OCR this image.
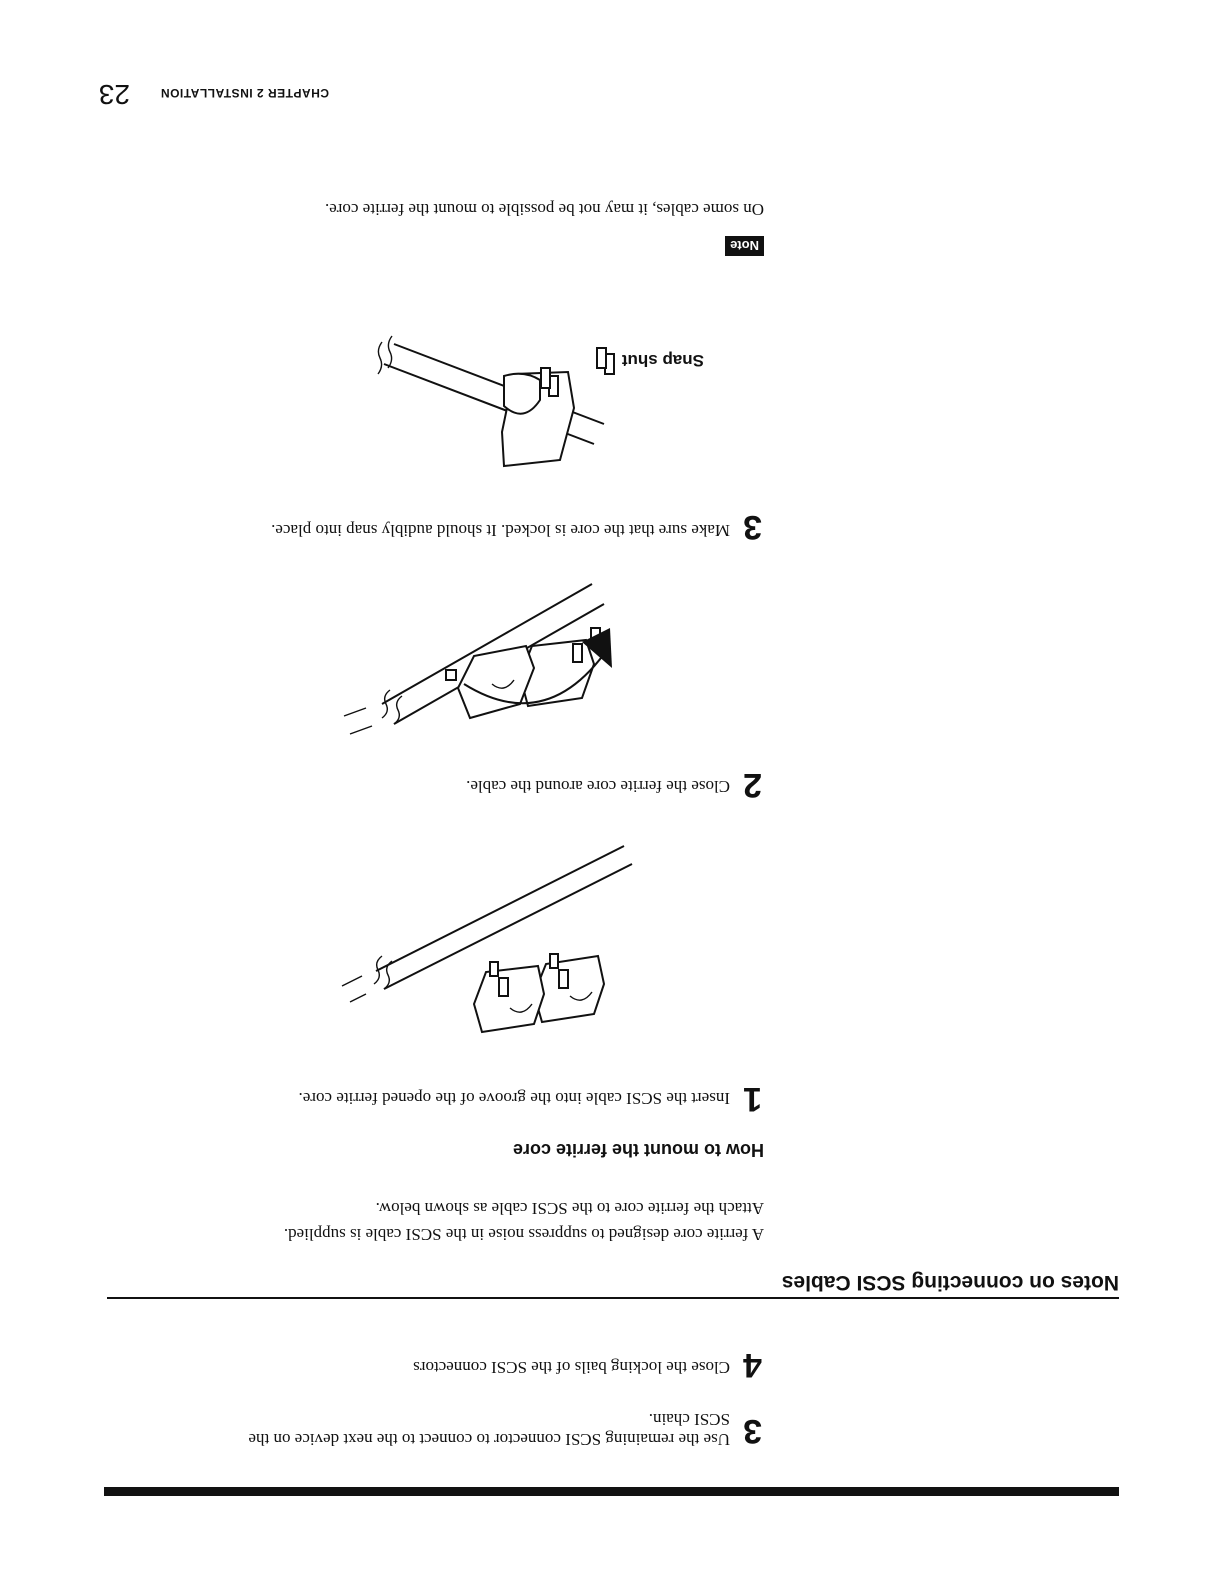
3
Use the remaining SCSI connector to connect to the next device on the
SCSI chain.
4
Close the locking bails of the SCSI connectors
Notes on connecting SCSI Cables
A ferrite core designed to suppress noise in the SCSI cable is supplied.
Attach the ferrite core to the SCSI cable as shown below.
How to mount the ferrite core
1
Insert the SCSI cable into the groove of the opened ferrite core.
2
Close the ferrite core around the cable.
3
Make sure that the core is locked. It should audibly snap into place.
Snap shut
Note
On some cables, it may not be possible to mount the ferrite core.
23	CHAPTER 2 INSTALLATION
